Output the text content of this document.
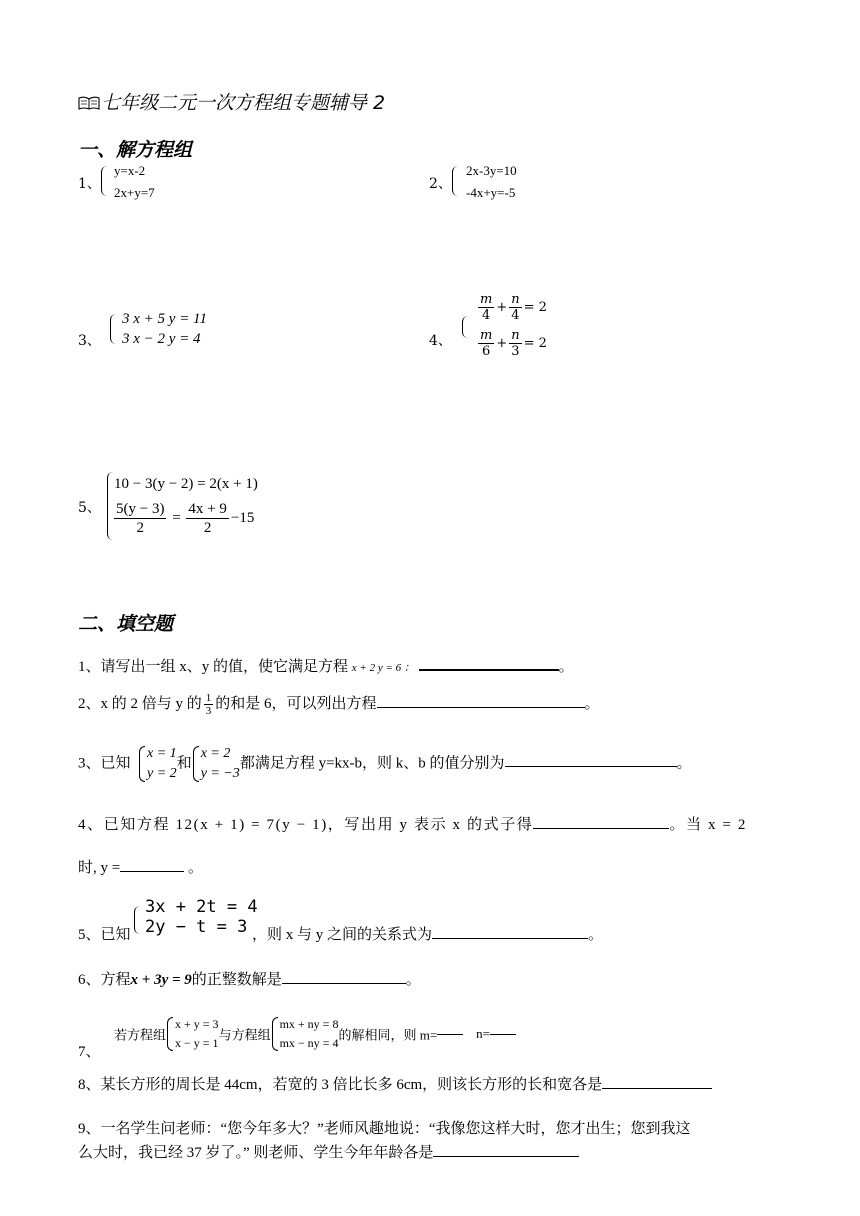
七年级二元一次方程组专题辅导 2
一、解方程组
1、
y=x-2
2x+y=7
2、
2x-3y=10
-4x+y=-5
3、
3 x + 5 y = 11
3 x − 2 y = 4	4、
$\frac{m}{4} + \frac{n}{4} = 2$
$\frac{m}{6} + \frac{n}{3} = 2$
5、
10 − 3(y − 2) = 2(x + 1)
$\frac{5(y - 3)}{2} = \frac{4x + 9}{2} -15$
二、填空题
1、请写出一组 x、y 的值，使它满足方程 x + 2 y = 6 ：	。
2、x 的 2 倍与 y 的 $\frac{1}{3}$ 的和是 6，可以列出方程	。
3、已知
x = 1
y = 2
和
x = 2
y = −3
都满足方程 y=kx-b，则 k、b 的值分别为	。
4、已知方程 12(x + 1) = 7(y − 1)，写出用 y 表示 x 的式子得	。当 x = 2
时, y =	。
5、已知
3x + 2t = 4
2y − t = 3 ，则 x 与 y 之间的关系式为	。
6、方程x + 3y = 9的正整数解是	。
7、
若方程组
x + y = 3
x − y = 1
与方程组
mx + ny = 8
mx − ny = 4
的解相同，则 m=	n=
8、某长方形的周长是 44cm，若宽的 3 倍比长多 6cm，则该长方形的长和宽各是
9、一名学生问老师：“您今年多大？”老师风趣地说：“我像您这样大时，您才出生；您到我这
么大时，我已经 37 岁了。” 则老师、学生今年年龄各是
